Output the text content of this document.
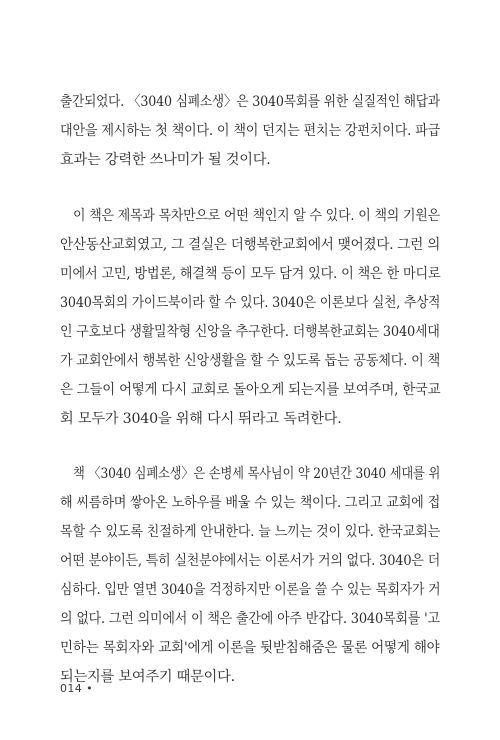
출간되었다. 〈3040 심폐소생〉은 3040목회를 위한 실질적인 해답과
대안을 제시하는 첫 책이다. 이 책이 던지는 편치는 강펀치이다. 파급
효과는 강력한 쓰나미가 될 것이다.
이 책은 제목과 목차만으로 어떤 책인지 알 수 있다. 이 책의 기원은
안산동산교회였고, 그 결실은 더행복한교회에서 맺어졌다. 그런 의
미에서 고민, 방법론, 해결책 등이 모두 담겨 있다. 이 책은 한 마디로
3040목회의 가이드북이라 할 수 있다. 3040은 이론보다 실천, 추상적
인 구호보다 생활밀착형 신앙을 추구한다. 더행복한교회는 3040세대
가 교회안에서 행복한 신앙생활을 할 수 있도록 돕는 공동체다. 이 책
은 그들이 어떻게 다시 교회로 돌아오게 되는지를 보여주며, 한국교
회 모두가 3040을 위해 다시 뛰라고 독려한다.
책 〈3040 심폐소생〉은 손병세 목사님이 약 20년간 3040 세대를 위
해 씨름하며 쌓아온 노하우를 배울 수 있는 책이다. 그리고 교회에 접
목할 수 있도록 친절하게 안내한다. 늘 느끼는 것이 있다. 한국교회는
어떤 분야이든, 특히 실천분야에서는 이론서가 거의 없다. 3040은 더
심하다. 입만 열면 3040을 걱정하지만 이론을 쓸 수 있는 목회자가 거
의 없다. 그런 의미에서 이 책은 출간에 아주 반갑다. 3040목회를 '고
민하는 목회자와 교회'에게 이론을 뒷받침해줌은 물론 어떻게 해야
되는지를 보여주기 때문이다.
014 •
